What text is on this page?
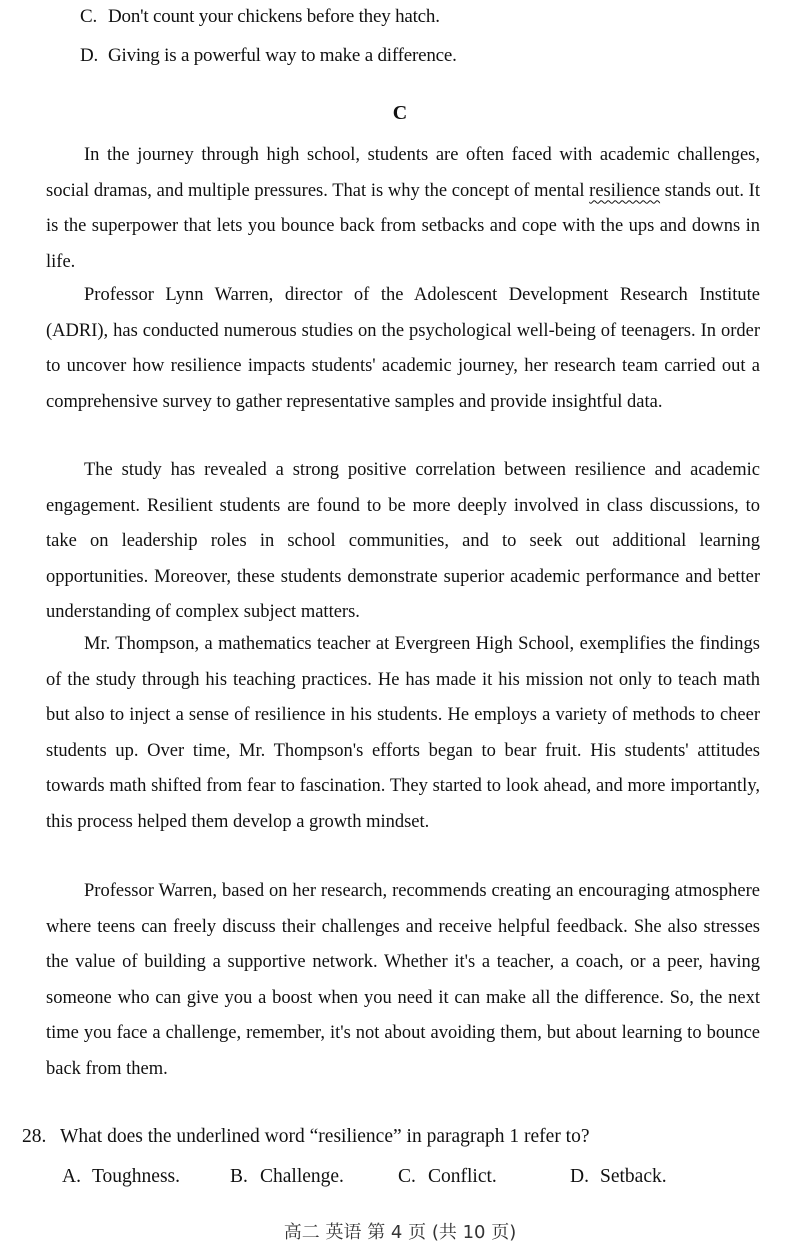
C. Don't count your chickens before they hatch.
D. Giving is a powerful way to make a difference.
C

In the journey through high school, students are often faced with academic challenges, social dramas, and multiple pressures. That is why the concept of mental resilience stands out. It is the superpower that lets you bounce back from setbacks and cope with the ups and downs in life.

Professor Lynn Warren, director of the Adolescent Development Research Institute (ADRI), has conducted numerous studies on the psychological well-being of teenagers. In order to uncover how resilience impacts students' academic journey, her research team carried out a comprehensive survey to gather representative samples and provide insightful data.

The study has revealed a strong positive correlation between resilience and academic engagement. Resilient students are found to be more deeply involved in class discussions, to take on leadership roles in school communities, and to seek out additional learning opportunities. Moreover, these students demonstrate superior academic performance and better understanding of complex subject matters.

Mr. Thompson, a mathematics teacher at Evergreen High School, exemplifies the findings of the study through his teaching practices. He has made it his mission not only to teach math but also to inject a sense of resilience in his students. He employs a variety of methods to cheer students up. Over time, Mr. Thompson's efforts began to bear fruit. His students' attitudes towards math shifted from fear to fascination. They started to look ahead, and more importantly, this process helped them develop a growth mindset.

Professor Warren, based on her research, recommends creating an encouraging atmosphere where teens can freely discuss their challenges and receive helpful feedback. She also stresses the value of building a supportive network. Whether it's a teacher, a coach, or a peer, having someone who can give you a boost when you need it can make all the difference. So, the next time you face a challenge, remember, it's not about avoiding them, but about learning to bounce back from them.

28. What does the underlined word “resilience” in paragraph 1 refer to?
A. Toughness.	B. Challenge.	C. Conflict.	D. Setback.
高二 英语 第 4 页 (共 10 页)
